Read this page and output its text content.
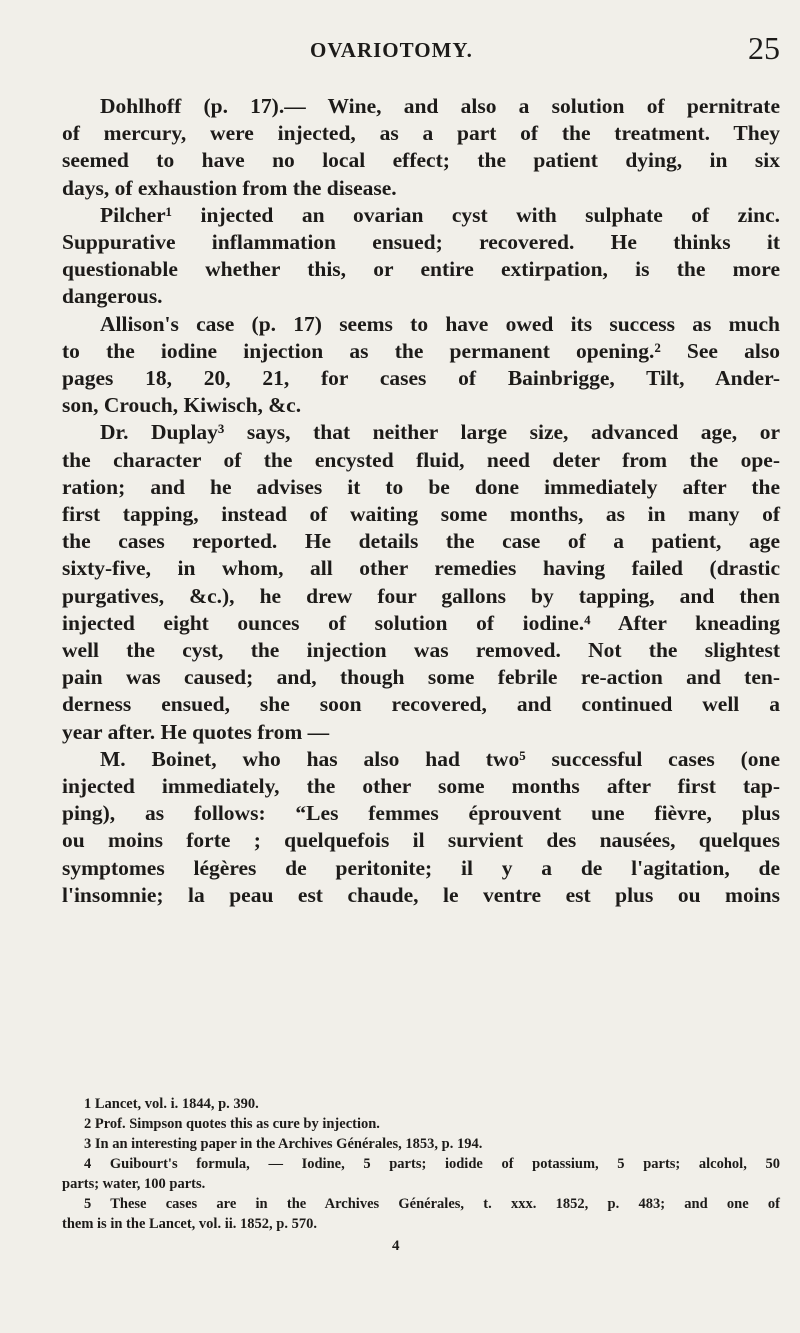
OVARIOTOMY.	25
Dohlhoff (p. 17).— Wine, and also a solution of pernitrate
of mercury, were injected, as a part of the treatment. They
seemed to have no local effect; the patient dying, in six
days, of exhaustion from the disease.
Pilcher¹ injected an ovarian cyst with sulphate of zinc.
Suppurative inflammation ensued; recovered. He thinks it
questionable whether this, or entire extirpation, is the more
dangerous.
Allison's case (p. 17) seems to have owed its success as much
to the iodine injection as the permanent opening.² See also
pages 18, 20, 21, for cases of Bainbrigge, Tilt, Ander-
son, Crouch, Kiwisch, &c.
Dr. Duplay³ says, that neither large size, advanced age, or
the character of the encysted fluid, need deter from the ope-
ration; and he advises it to be done immediately after the
first tapping, instead of waiting some months, as in many of
the cases reported. He details the case of a patient, age
sixty-five, in whom, all other remedies having failed (drastic
purgatives, &c.), he drew four gallons by tapping, and then
injected eight ounces of solution of iodine.⁴ After kneading
well the cyst, the injection was removed. Not the slightest
pain was caused; and, though some febrile re-action and ten-
derness ensued, she soon recovered, and continued well a
year after. He quotes from —
M. Boinet, who has also had two⁵ successful cases (one
injected immediately, the other some months after first tap-
ping), as follows: “Les femmes éprouvent une fièvre, plus
ou moins forte ; quelquefois il survient des nausées, quelques
symptomes légères de peritonite; il y a de l'agitation, de
l'insomnie; la peau est chaude, le ventre est plus ou moins
1 Lancet, vol. i. 1844, p. 390.
2 Prof. Simpson quotes this as cure by injection.
3 In an interesting paper in the Archives Générales, 1853, p. 194.
4 Guibourt's formula, — Iodine, 5 parts; iodide of potassium, 5 parts; alcohol, 50
parts; water, 100 parts.
5 These cases are in the Archives Générales, t. xxx. 1852, p. 483; and one of
them is in the Lancet, vol. ii. 1852, p. 570.
4
